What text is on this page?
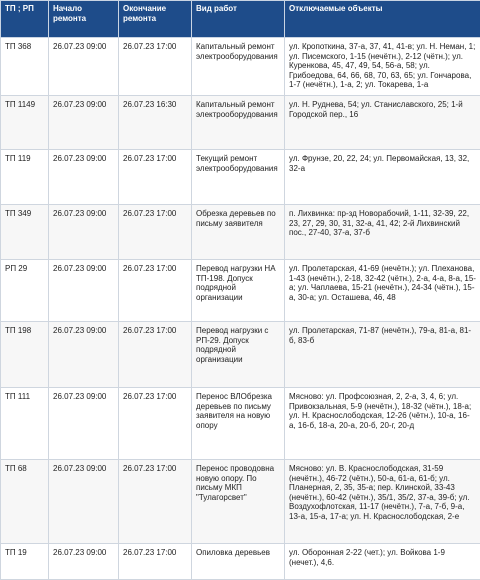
ТП ; РП	Начало ремонта	Окончание ремонта	Вид работ	Отключаемые объекты
ТП 368	26.07.23 09:00	26.07.23 17:00	Капитальный ремонт электрооборудования	ул. Кропоткина, 37-а, 37, 41, 41-в; ул. Н. Неман, 1; ул. Писемского, 1-15 (нечётн.), 2-12 (чётн.); ул. Куренкова, 45, 47, 49, 54, 56-а, 58; ул. Грибоедова, 64, 66, 68, 70, 63, 65; ул. Гончарова, 1-7 (нечётн.), 1-а, 2; ул. Токарева, 1-а
ТП 1149	26.07.23 09:00	26.07.23 16:30	Капитальный ремонт электрооборудования	ул. Н. Руднева, 54; ул. Станиславского, 25; 1-й Городской пер., 16
ТП 119	26.07.23 09:00	26.07.23 17:00	Текущий ремонт электрооборудования	ул. Фрунзе, 20, 22, 24; ул. Первомайская, 13, 32, 32-а
ТП 349	26.07.23 09:00	26.07.23 17:00	Обрезка деревьев по письму заявителя	п. Лихвинка: пр-зд Новорабочий, 1-11, 32-39, 22, 23, 27, 29, 30, 31, 32-а, 41, 42; 2-й Лихвинский пос., 27-40, 37-а, 37-б
РП 29	26.07.23 09:00	26.07.23 17:00	Перевод нагрузки НА ТП-198. Допуск подрядной организации	ул. Пролетарская, 41-69 (нечётн.); ул. Плеханова, 1-43 (нечётн.), 2-18, 32-42 (чётн.), 2-а, 4-а, 8-а, 15-а; ул. Чаплаева, 15-21 (нечётн.), 24-34 (чётн.), 15-а, 30-а; ул. Осташева, 46, 48
ТП 198	26.07.23 09:00	26.07.23 17:00	Перевод нагрузки с РП-29. Допуск подрядной организации	ул. Пролетарская, 71-87 (нечётн.), 79-а, 81-а, 81-б, 83-б
ТП 111	26.07.23 09:00	26.07.23 17:00	Перенос ВЛОбрезка деревьев по письму заявителя на новую опору	Мясново: ул. Профсоюзная, 2, 2-а, 3, 4, 6; ул. Привокзальная, 5-9 (нечётн.), 18-32 (чётн.), 18-а; ул. Н. Краснослободская, 12-26 (чётн.), 10-а, 16-а, 16-б, 18-а, 20-а, 20-б, 20-г, 20-д
ТП 68	26.07.23 09:00	26.07.23 17:00	Перенос проводовна новую опору. По письму МКП "Тулагорсвет"	Мясново: ул. В. Краснослободская, 31-59 (нечётн.), 46-72 (чётн.), 50-а, 61-а, 61-б; ул. Планерная, 2, 35, 35-а; пер. Клинской, 33-43 (нечётн.), 60-42 (чётн.), 35/1, 35/2, 37-а, 39-б; ул. Воздухофлотская, 11-17 (нечётн.), 7-а, 7-б, 9-а, 13-а, 15-а, 17-а; ул. Н. Краснослободская, 2-е
ТП 19	26.07.23 09:00	26.07.23 17:00	Опиловка деревьев	ул. Оборонная 2-22 (чет.); ул. Войкова 1-9 (нечет.), 4,6.
